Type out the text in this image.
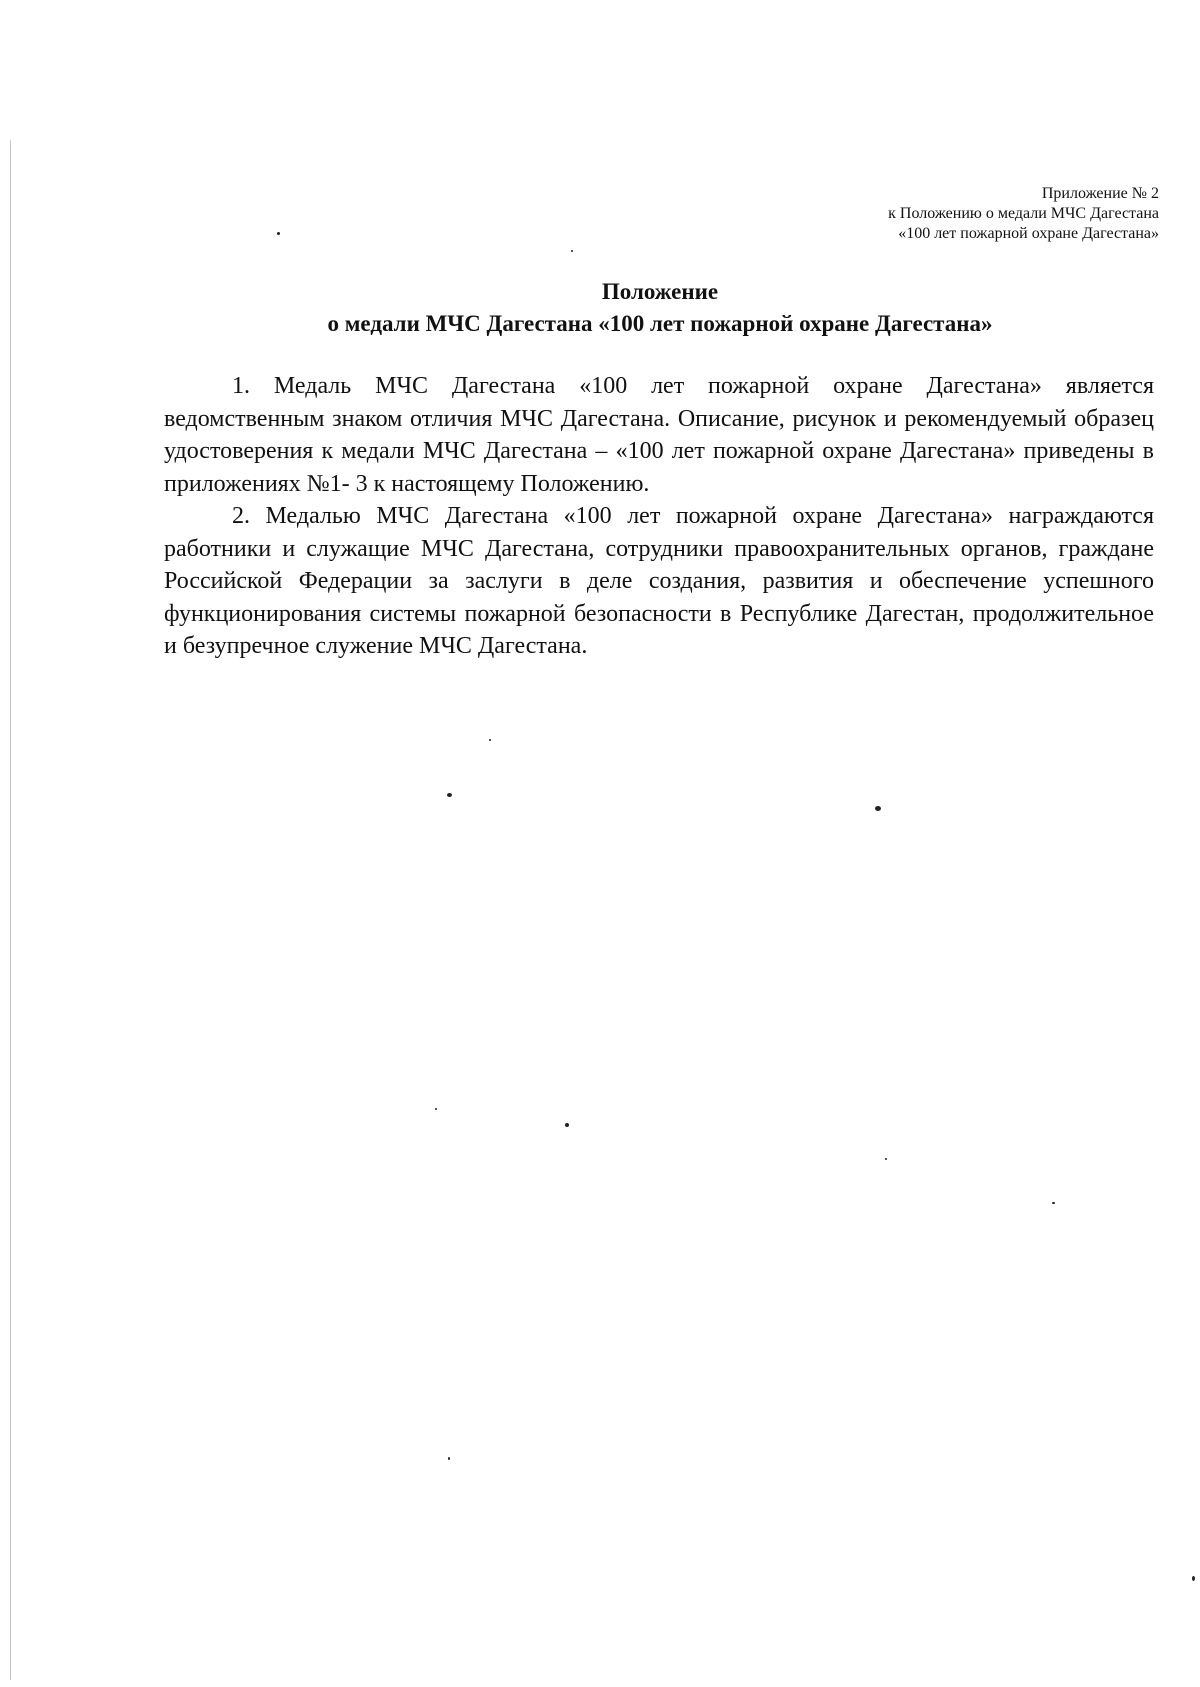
Приложение № 2
к Положению о медали МЧС Дагестана
«100 лет пожарной охране Дагестана»
Положение
о медали МЧС Дагестана «100 лет пожарной охране Дагестана»

1. Медаль МЧС Дагестана «100 лет пожарной охране Дагестана» является ведомственным знаком отличия МЧС Дагестана. Описание, рисунок и рекомендуемый образец удостоверения к медали МЧС Дагестана – «100 лет пожарной охране Дагестана» приведены в приложениях №1- 3 к настоящему Положению.

2. Медалью МЧС Дагестана «100 лет пожарной охране Дагестана» награждаются работники и служащие МЧС Дагестана, сотрудники правоохранительных органов, граждане Российской Федерации за заслуги в деле создания, развития и обеспечение успешного функционирования системы пожарной безопасности в Республике Дагестан, продолжительное и безупречное служение МЧС Дагестана.
